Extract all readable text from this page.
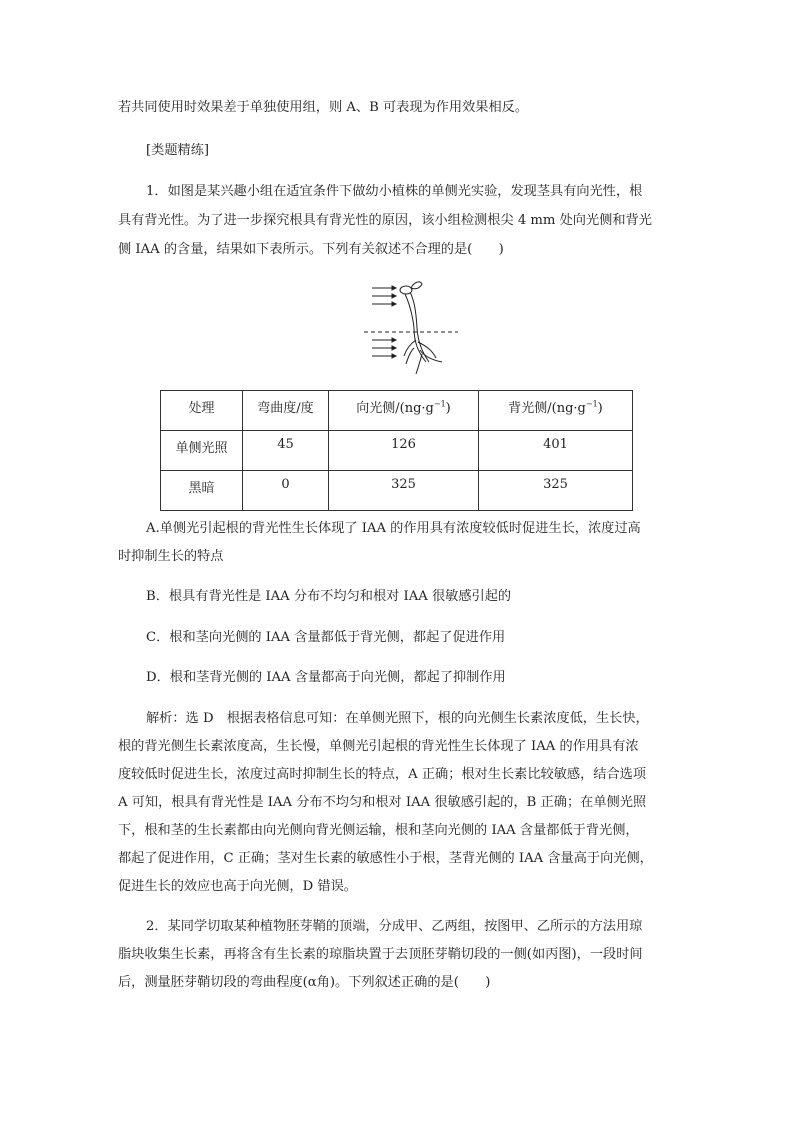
若共同使用时效果差于单独使用组，则 A、B 可表现为作用效果相反。
[类题精练]
1．如图是某兴趣小组在适宜条件下做幼小植株的单侧光实验，发现茎具有向光性，根
具有背光性。为了进一步探究根具有背光性的原因，该小组检测根尖 4 mm 处向光侧和背光
侧 IAA 的含量，结果如下表所示。下列有关叙述不合理的是(　　)
处理	弯曲度/度	向光侧$/(ng\cdot g^{-1})$	背光侧$/(ng\cdot g^{-1})$
单侧光照	45	126	401
黑暗	0	325	325
A.单侧光引起根的背光性生长体现了 IAA 的作用具有浓度较低时促进生长，浓度过高
时抑制生长的特点
B．根具有背光性是 IAA 分布不均匀和根对 IAA 很敏感引起的
C．根和茎向光侧的 IAA 含量都低于背光侧，都起了促进作用
D．根和茎背光侧的 IAA 含量都高于向光侧，都起了抑制作用
解析：选 D　根据表格信息可知：在单侧光照下，根的向光侧生长素浓度低，生长快，
根的背光侧生长素浓度高，生长慢，单侧光引起根的背光性生长体现了 IAA 的作用具有浓
度较低时促进生长，浓度过高时抑制生长的特点，A 正确；根对生长素比较敏感，结合选项
A 可知，根具有背光性是 IAA 分布不均匀和根对 IAA 很敏感引起的，B 正确；在单侧光照
下，根和茎的生长素都由向光侧向背光侧运输，根和茎向光侧的 IAA 含量都低于背光侧，
都起了促进作用，C 正确；茎对生长素的敏感性小于根，茎背光侧的 IAA 含量高于向光侧，
促进生长的效应也高于向光侧，D 错误。
2．某同学切取某种植物胚芽鞘的顶端，分成甲、乙两组，按图甲、乙所示的方法用琼
脂块收集生长素，再将含有生长素的琼脂块置于去顶胚芽鞘切段的一侧(如丙图)，一段时间
后，测量胚芽鞘切段的弯曲程度(α角)。下列叙述正确的是(　　)
